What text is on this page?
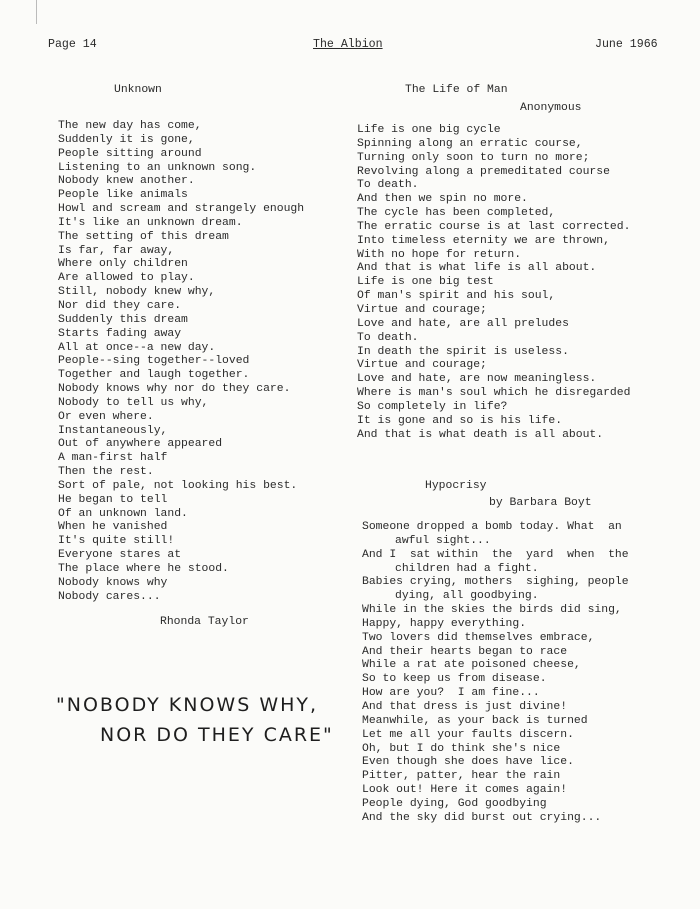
Page 14	The Albion	June 1966
Unknown
The new day has come,
Suddenly it is gone,
People sitting around
Listening to an unknown song.
Nobody knew another.
People like animals
Howl and scream and strangely enough
It's like an unknown dream.
The setting of this dream
Is far, far away,
Where only children
Are allowed to play.
Still, nobody knew why,
Nor did they care.
Suddenly this dream
Starts fading away
All at once--a new day.
People--sing together--loved
Together and laugh together.
Nobody knows why nor do they care.
Nobody to tell us why,
Or even where.
Instantaneously,
Out of anywhere appeared
A man-first half
Then the rest.
Sort of pale, not looking his best.
He began to tell
Of an unknown land.
When he vanished
It's quite still!
Everyone stares at
The place where he stood.
Nobody knows why
Nobody cares...
Rhonda Taylor
"NOBODY KNOWS WHY,
NOR DO THEY CARE"
The Life of Man
Anonymous
Life is one big cycle
Spinning along an erratic course,
Turning only soon to turn no more;
Revolving along a premeditated course
To death.
And then we spin no more.
The cycle has been completed,
The erratic course is at last corrected.
Into timeless eternity we are thrown,
With no hope for return.
And that is what life is all about.
Life is one big test
Of man's spirit and his soul,
Virtue and courage;
Love and hate, are all preludes
To death.
In death the spirit is useless.
Virtue and courage;
Love and hate, are now meaningless.
Where is man's soul which he disregarded
So completely in life?
It is gone and so is his life.
And that is what death is all about.
Hypocrisy
by Barbara Boyt
Someone dropped a bomb today. What  an
awful sight...
And I  sat within  the  yard  when  the
children had a fight.
Babies crying, mothers  sighing, people
dying, all goodbying.
While in the skies the birds did sing,
Happy, happy everything.
Two lovers did themselves embrace,
And their hearts began to race
While a rat ate poisoned cheese,
So to keep us from disease.
How are you?  I am fine...
And that dress is just divine!
Meanwhile, as your back is turned
Let me all your faults discern.
Oh, but I do think she's nice
Even though she does have lice.
Pitter, patter, hear the rain
Look out! Here it comes again!
People dying, God goodbying
And the sky did burst out crying...
